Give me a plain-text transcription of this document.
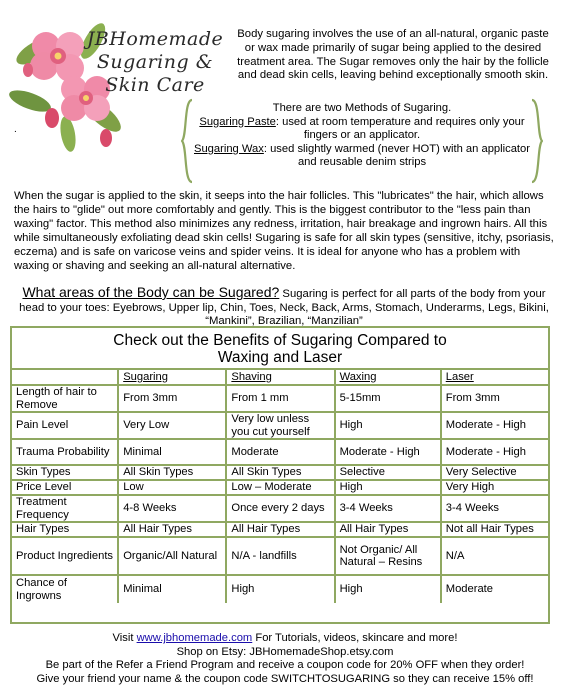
JBHomemade
Sugaring &
Skin Care
.
Body sugaring involves the use of an all-natural, organic paste or wax made primarily of sugar being applied to the desired treatment area. The Sugar removes only the hair by the follicle and dead skin cells, leaving behind exceptionally smooth skin.
There are two Methods of Sugaring.
Sugaring Paste: used at room temperature and requires only your fingers or an applicator.
Sugaring Wax: used slightly warmed (never HOT) with an applicator and reusable denim strips
When the sugar is applied to the skin, it seeps into the hair follicles. This "lubricates" the hair, which allows the hairs to "glide" out more comfortably and gently. This is the biggest contributor to the "less pain than waxing" factor. This method also minimizes any redness, irritation, hair breakage and ingrown hairs. All this while simultaneously exfoliating dead skin cells! Sugaring is safe for all skin types (sensitive, itchy, psoriasis, eczema) and is safe on varicose veins and spider veins. It is ideal for anyone who has a problem with waxing or shaving and seeking an all-natural alternative.
What areas of the Body can be Sugared? Sugaring is perfect for all parts of the body from your head to your toes: Eyebrows, Upper lip, Chin, Toes, Neck, Back, Arms, Stomach, Underarms, Legs, Bikini, “Mankini”, Brazilian, “Manzilian”
Check out the Benefits of Sugaring Compared to
Waxing and Laser
	Sugaring	Shaving	Waxing	Laser
Length of hair to Remove	From 3mm	From 1 mm	5-15mm	From 3mm
Pain Level	Very Low	Very low unless you cut yourself	High	Moderate - High
Trauma Probability	Minimal	Moderate	Moderate - High	Moderate - High
Skin Types	All Skin Types	All Skin Types	Selective	Very Selective
Price Level	Low	Low – Moderate	High	Very High
Treatment Frequency	4-8 Weeks	Once every 2 days	3-4 Weeks	3-4 Weeks
Hair Types	All Hair Types	All Hair Types	All Hair Types	Not all Hair Types
Product Ingredients	Organic/All Natural	N/A - landfills	Not Organic/ All Natural – Resins	N/A
Chance of Ingrowns	Minimal	High	High	Moderate
Visit www.jbhomemade.com For Tutorials, videos, skincare and more!
Shop on Etsy: JBHomemadeShop.etsy.com
Be part of the Refer a Friend Program and receive a coupon code for 20% OFF when they order!
Give your friend your name & the coupon code SWITCHTOSUGARING so they can receive 15% off!
